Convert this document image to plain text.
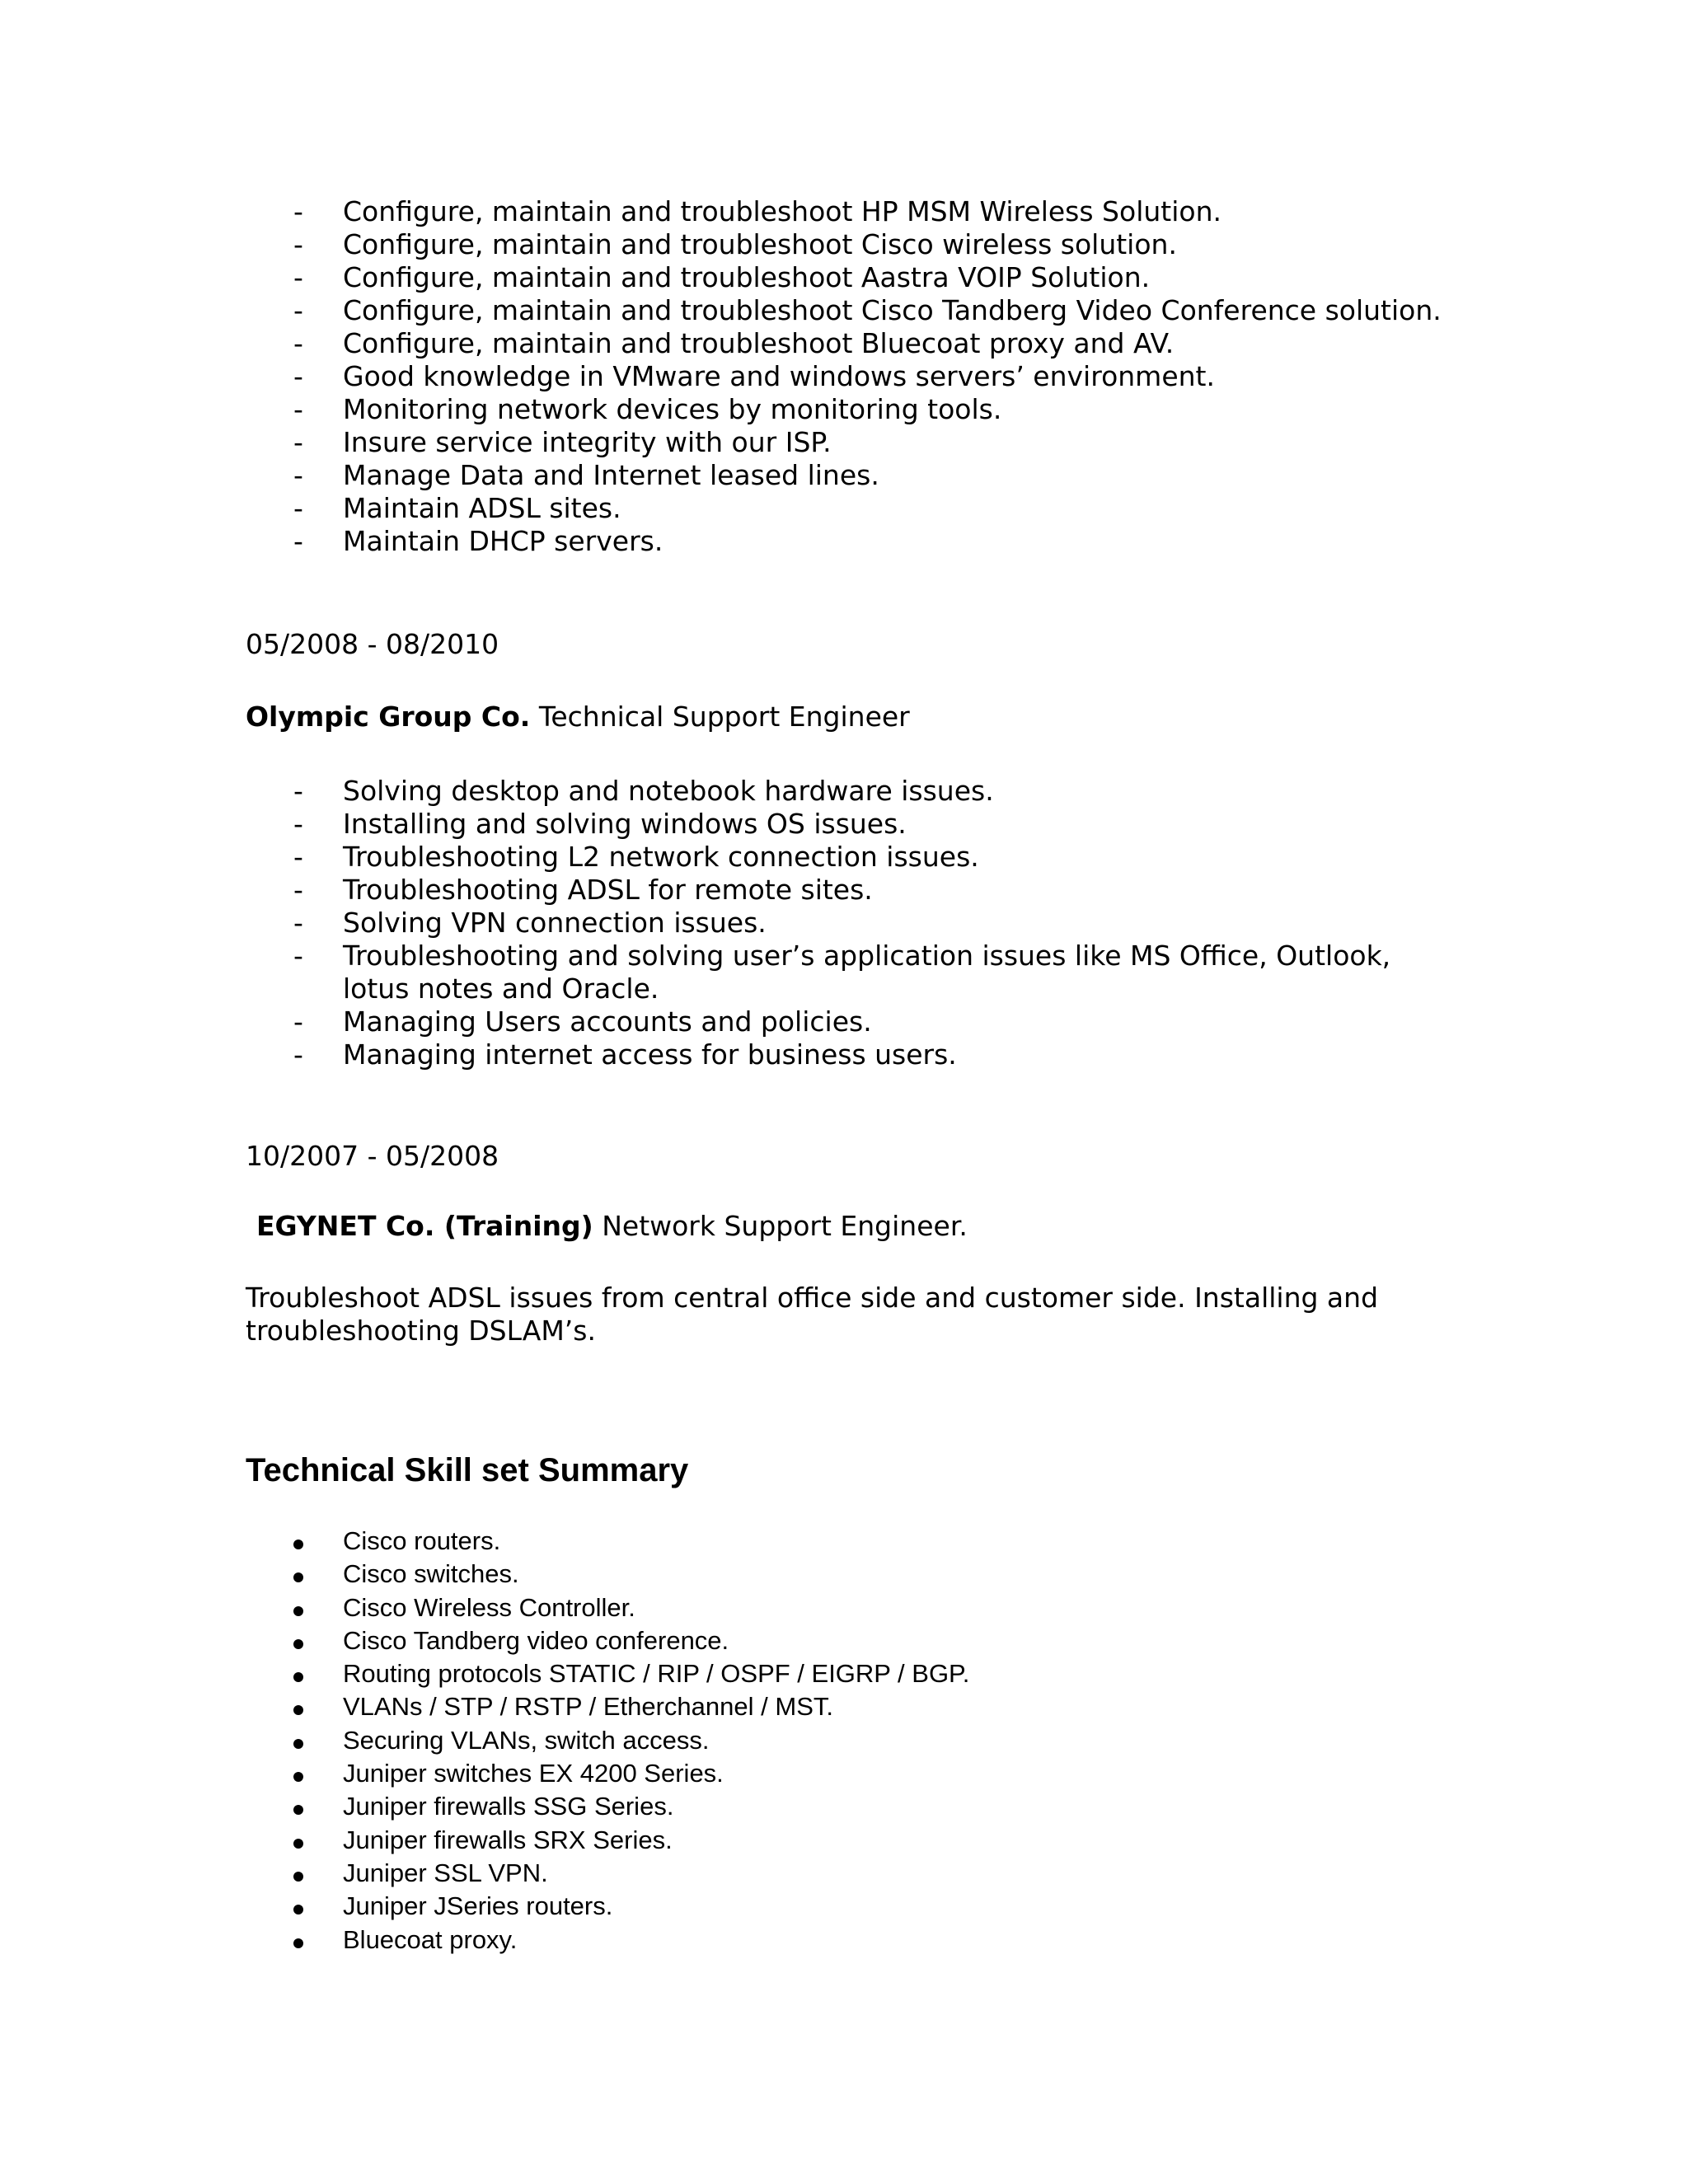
-	Configure, maintain and troubleshoot HP MSM Wireless Solution.
-	Configure, maintain and troubleshoot Cisco wireless solution.
-	Configure, maintain and troubleshoot Aastra VOIP Solution.
-	Configure, maintain and troubleshoot Cisco Tandberg Video Conference solution.
-	Configure, maintain and troubleshoot Bluecoat proxy and AV.
-	Good knowledge in VMware and windows servers’ environment.
-	Monitoring network devices by monitoring tools.
-	Insure service integrity with our ISP.
-	Manage Data and Internet leased lines.
-	Maintain ADSL sites.
-	Maintain DHCP servers.
05/2008 - 08/2010
Olympic Group Co. Technical Support Engineer
-	Solving desktop and notebook hardware issues.
-	Installing and solving windows OS issues.
-	Troubleshooting L2 network connection issues.
-	Troubleshooting ADSL for remote sites.
-	Solving VPN connection issues.
-	Troubleshooting and solving user’s application issues like MS Office, Outlook, lotus notes and Oracle.
-	Managing Users accounts and policies.
-	Managing internet access for business users.
10/2007 - 05/2008
EGYNET Co. (Training) Network Support Engineer.
Troubleshoot ADSL issues from central office side and customer side. Installing and troubleshooting DSLAM’s.
Technical Skill set Summary
Cisco routers.
Cisco switches.
Cisco Wireless Controller.
Cisco Tandberg video conference.
Routing protocols STATIC / RIP / OSPF / EIGRP / BGP.
VLANs / STP / RSTP / Etherchannel / MST.
Securing VLANs, switch access.
Juniper switches EX 4200 Series.
Juniper firewalls SSG Series.
Juniper firewalls SRX Series.
Juniper SSL VPN.
Juniper JSeries routers.
Bluecoat proxy.
